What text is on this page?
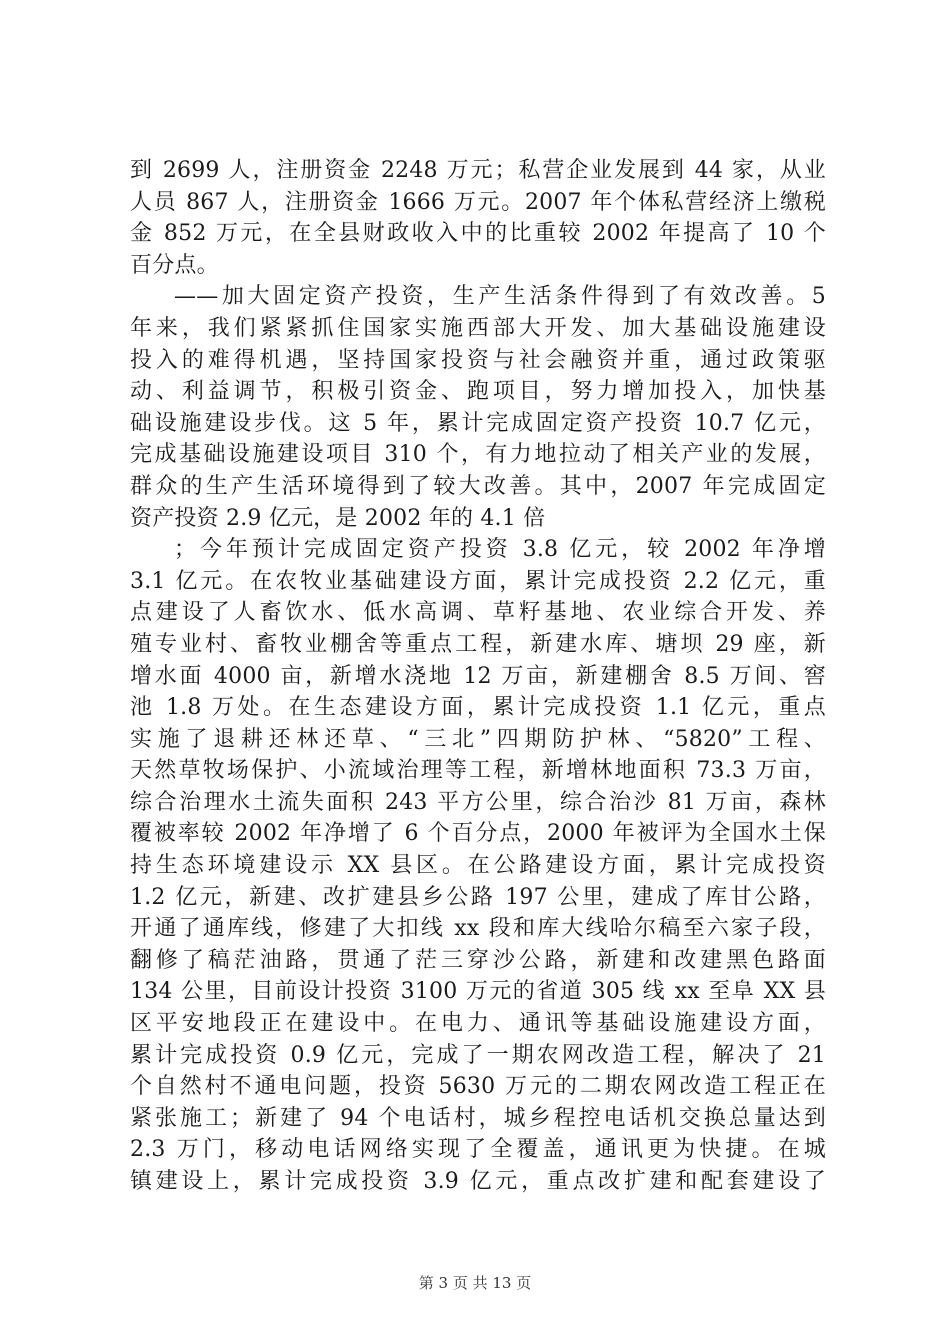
到 2699 人，注册资金 2248 万元；私营企业发展到 44 家，从业
人员 867 人，注册资金 1666 万元。2007 年个体私营经济上缴税
金 852 万元，在全县财政收入中的比重较 2002 年提高了 10 个
百分点。
——加大固定资产投资，生产生活条件得到了有效改善。5
年来，我们紧紧抓住国家实施西部大开发、加大基础设施建设
投入的难得机遇，坚持国家投资与社会融资并重，通过政策驱
动、利益调节，积极引资金、跑项目，努力增加投入，加快基
础设施建设步伐。这 5 年，累计完成固定资产投资 10.7 亿元，
完成基础设施建设项目 310 个，有力地拉动了相关产业的发展，
群众的生产生活环境得到了较大改善。其中，2007 年完成固定
资产投资 2.9 亿元，是 2002 年的 4.1 倍
；今年预计完成固定资产投资 3.8 亿元，较 2002 年净增
3.1 亿元。在农牧业基础建设方面，累计完成投资 2.2 亿元，重
点建设了人畜饮水、低水高调、草籽基地、农业综合开发、养
殖专业村、畜牧业棚舍等重点工程，新建水库、塘坝 29 座，新
增水面 4000 亩，新增水浇地 12 万亩，新建棚舍 8.5 万间、窖
池 1.8 万处。在生态建设方面，累计完成投资 1.1 亿元，重点
实施了退耕还林还草、“三北”四期防护林、“5820”工程、
天然草牧场保护、小流域治理等工程，新增林地面积 73.3 万亩，
综合治理水土流失面积 243 平方公里，综合治沙 81 万亩，森林
覆被率较 2002 年净增了 6 个百分点，2000 年被评为全国水土保
持生态环境建设示 XX 县区。在公路建设方面，累计完成投资
1.2 亿元，新建、改扩建县乡公路 197 公里，建成了库甘公路，
开通了通库线，修建了大扣线 xx 段和库大线哈尔稿至六家子段，
翻修了稿茫油路，贯通了茫三穿沙公路，新建和改建黑色路面
134 公里，目前设计投资 3100 万元的省道 305 线 xx 至阜 XX 县
区平安地段正在建设中。在电力、通讯等基础设施建设方面，
累计完成投资 0.9 亿元，完成了一期农网改造工程，解决了 21
个自然村不通电问题，投资 5630 万元的二期农网改造工程正在
紧张施工；新建了 94 个电话村，城乡程控电话机交换总量达到
2.3 万门，移动电话网络实现了全覆盖，通讯更为快捷。在城
镇建设上，累计完成投资 3.9 亿元，重点改扩建和配套建设了
第 3 页 共 13 页
